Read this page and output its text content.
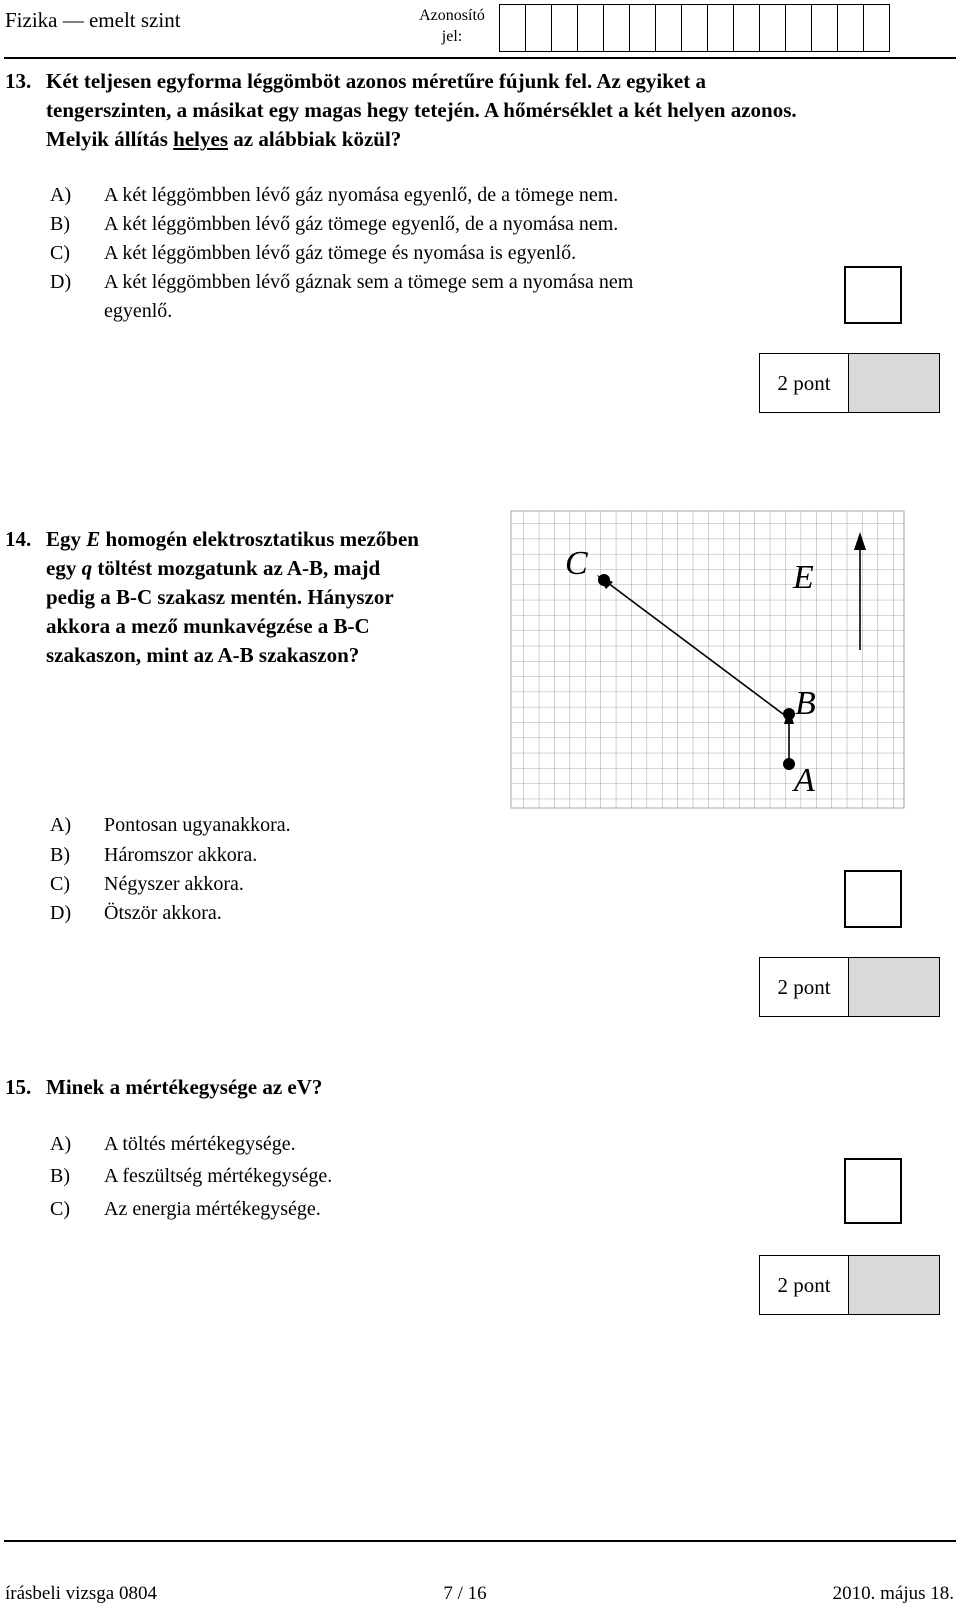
Fizika — emelt szint	Azonosító
jel:
13. Két teljesen egyforma léggömböt azonos méretűre fújunk fel. Az egyiket a
tengerszinten, a másikat egy magas hegy tetején. A hőmérséklet a két helyen azonos.
Melyik állítás helyes az alábbiak közül?
A) A két léggömbben lévő gáz nyomása egyenlő, de a tömege nem.
B) A két léggömbben lévő gáz tömege egyenlő, de a nyomása nem.
C) A két léggömbben lévő gáz tömege és nyomása is egyenlő.
D) A két léggömbben lévő gáznak sem a tömege sem a nyomása nem
egyenlő.
2 pont
14. Egy E homogén elektrosztatikus mezőben
egy q töltést mozgatunk az A-B, majd
pedig a B-C szakasz mentén. Hányszor
akkora a mező munkavégzése a B-C
szakaszon, mint az A-B szakaszon?
C	E
B
A
A) Pontosan ugyanakkora.
B) Háromszor akkora.
C) Négyszer akkora.
D) Ötször akkora.
2 pont
15. Minek a mértékegysége az eV?
A) A töltés mértékegysége.
B) A feszültség mértékegysége.
C) Az energia mértékegysége.
2 pont
írásbeli vizsga 0804	7 / 16	2010. május 18.
